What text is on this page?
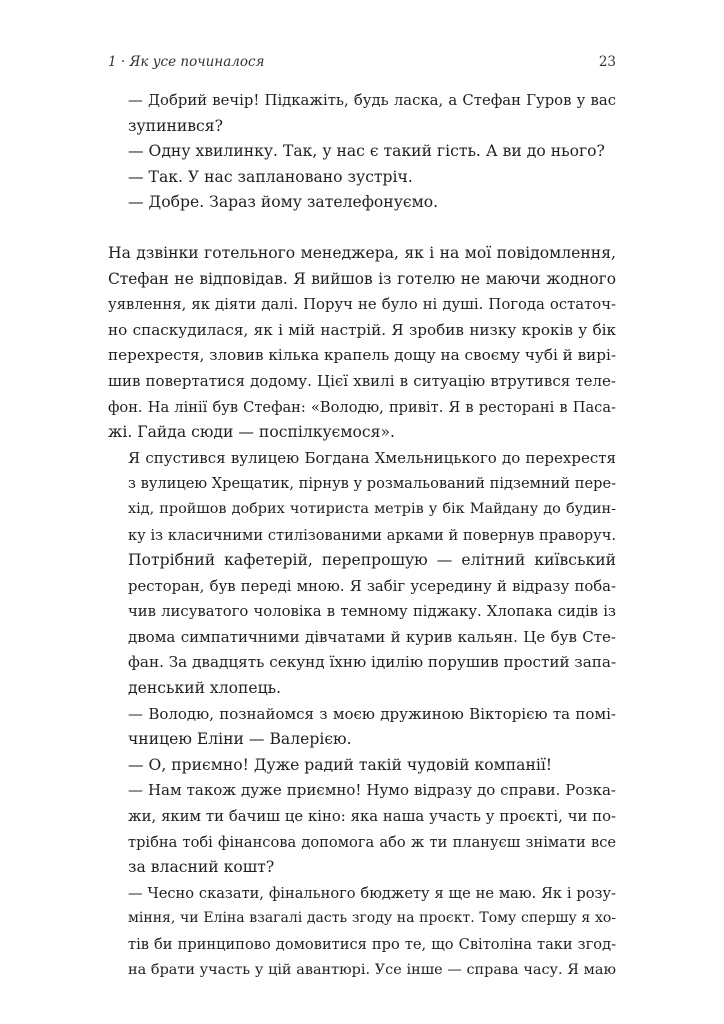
1 · Як усе починалося	23
— Добрий вечір! Підкажіть, будь ласка, а Стефан Гуров у вас
зупинився?
— Одну хвилинку. Так, у нас є такий гість. А ви до нього?
— Так. У нас заплановано зустріч.
— Добре. Зараз йому зателефонуємо.
На дзвінки готельного менеджера, як і на мої повідомлення,
Стефан не відповідав. Я вийшов із готелю не маючи жодного
уявлення, як діяти далі. Поруч не було ні душі. Погода остаточ-
но спаскудилася, як і мій настрій. Я зробив низку кроків у бік
перехрестя, зловив кілька крапель дощу на своєму чубі й вирі-
шив повертатися додому. Цієї хвилі в ситуацію втрутився теле-
фон. На лінії був Стефан: «Володю, привіт. Я в ресторані в Паса-
жі. Гайда сюди — поспілкуємося».
Я спустився вулицею Богдана Хмельницького до перехрестя
з вулицею Хрещатик, пірнув у розмальований підземний пере-
хід, пройшов добрих чотириста метрів у бік Майдану до будин-
ку із класичними стилізованими арками й повернув праворуч.
Потрібний кафетерій, перепрошую — елітний київський
ресторан, був переді мною. Я забіг усередину й відразу поба-
чив лисуватого чоловіка в темному піджаку. Хлопака сидів із
двома симпатичними дівчатами й курив кальян. Це був Сте-
фан. За двадцять секунд їхню ідилію порушив простий запа-
денський хлопець.
— Володю, познайомся з моєю дружиною Вікторією та помі-
чницею Еліни — Валерією.
— О, приємно! Дуже радий такій чудовій компанії!
— Нам також дуже приємно! Нумо відразу до справи. Розка-
жи, яким ти бачиш це кіно: яка наша участь у проєкті, чи по-
трібна тобі фінансова допомога або ж ти плануєш знімати все
за власний кошт?
— Чесно сказати, фінального бюджету я ще не маю. Як і розу-
міння, чи Еліна взагалі дасть згоду на проєкт. Тому спершу я хо-
тів би принципово домовитися про те, що Світоліна таки згод-
на брати участь у цій авантюрі. Усе інше — справа часу. Я маю
